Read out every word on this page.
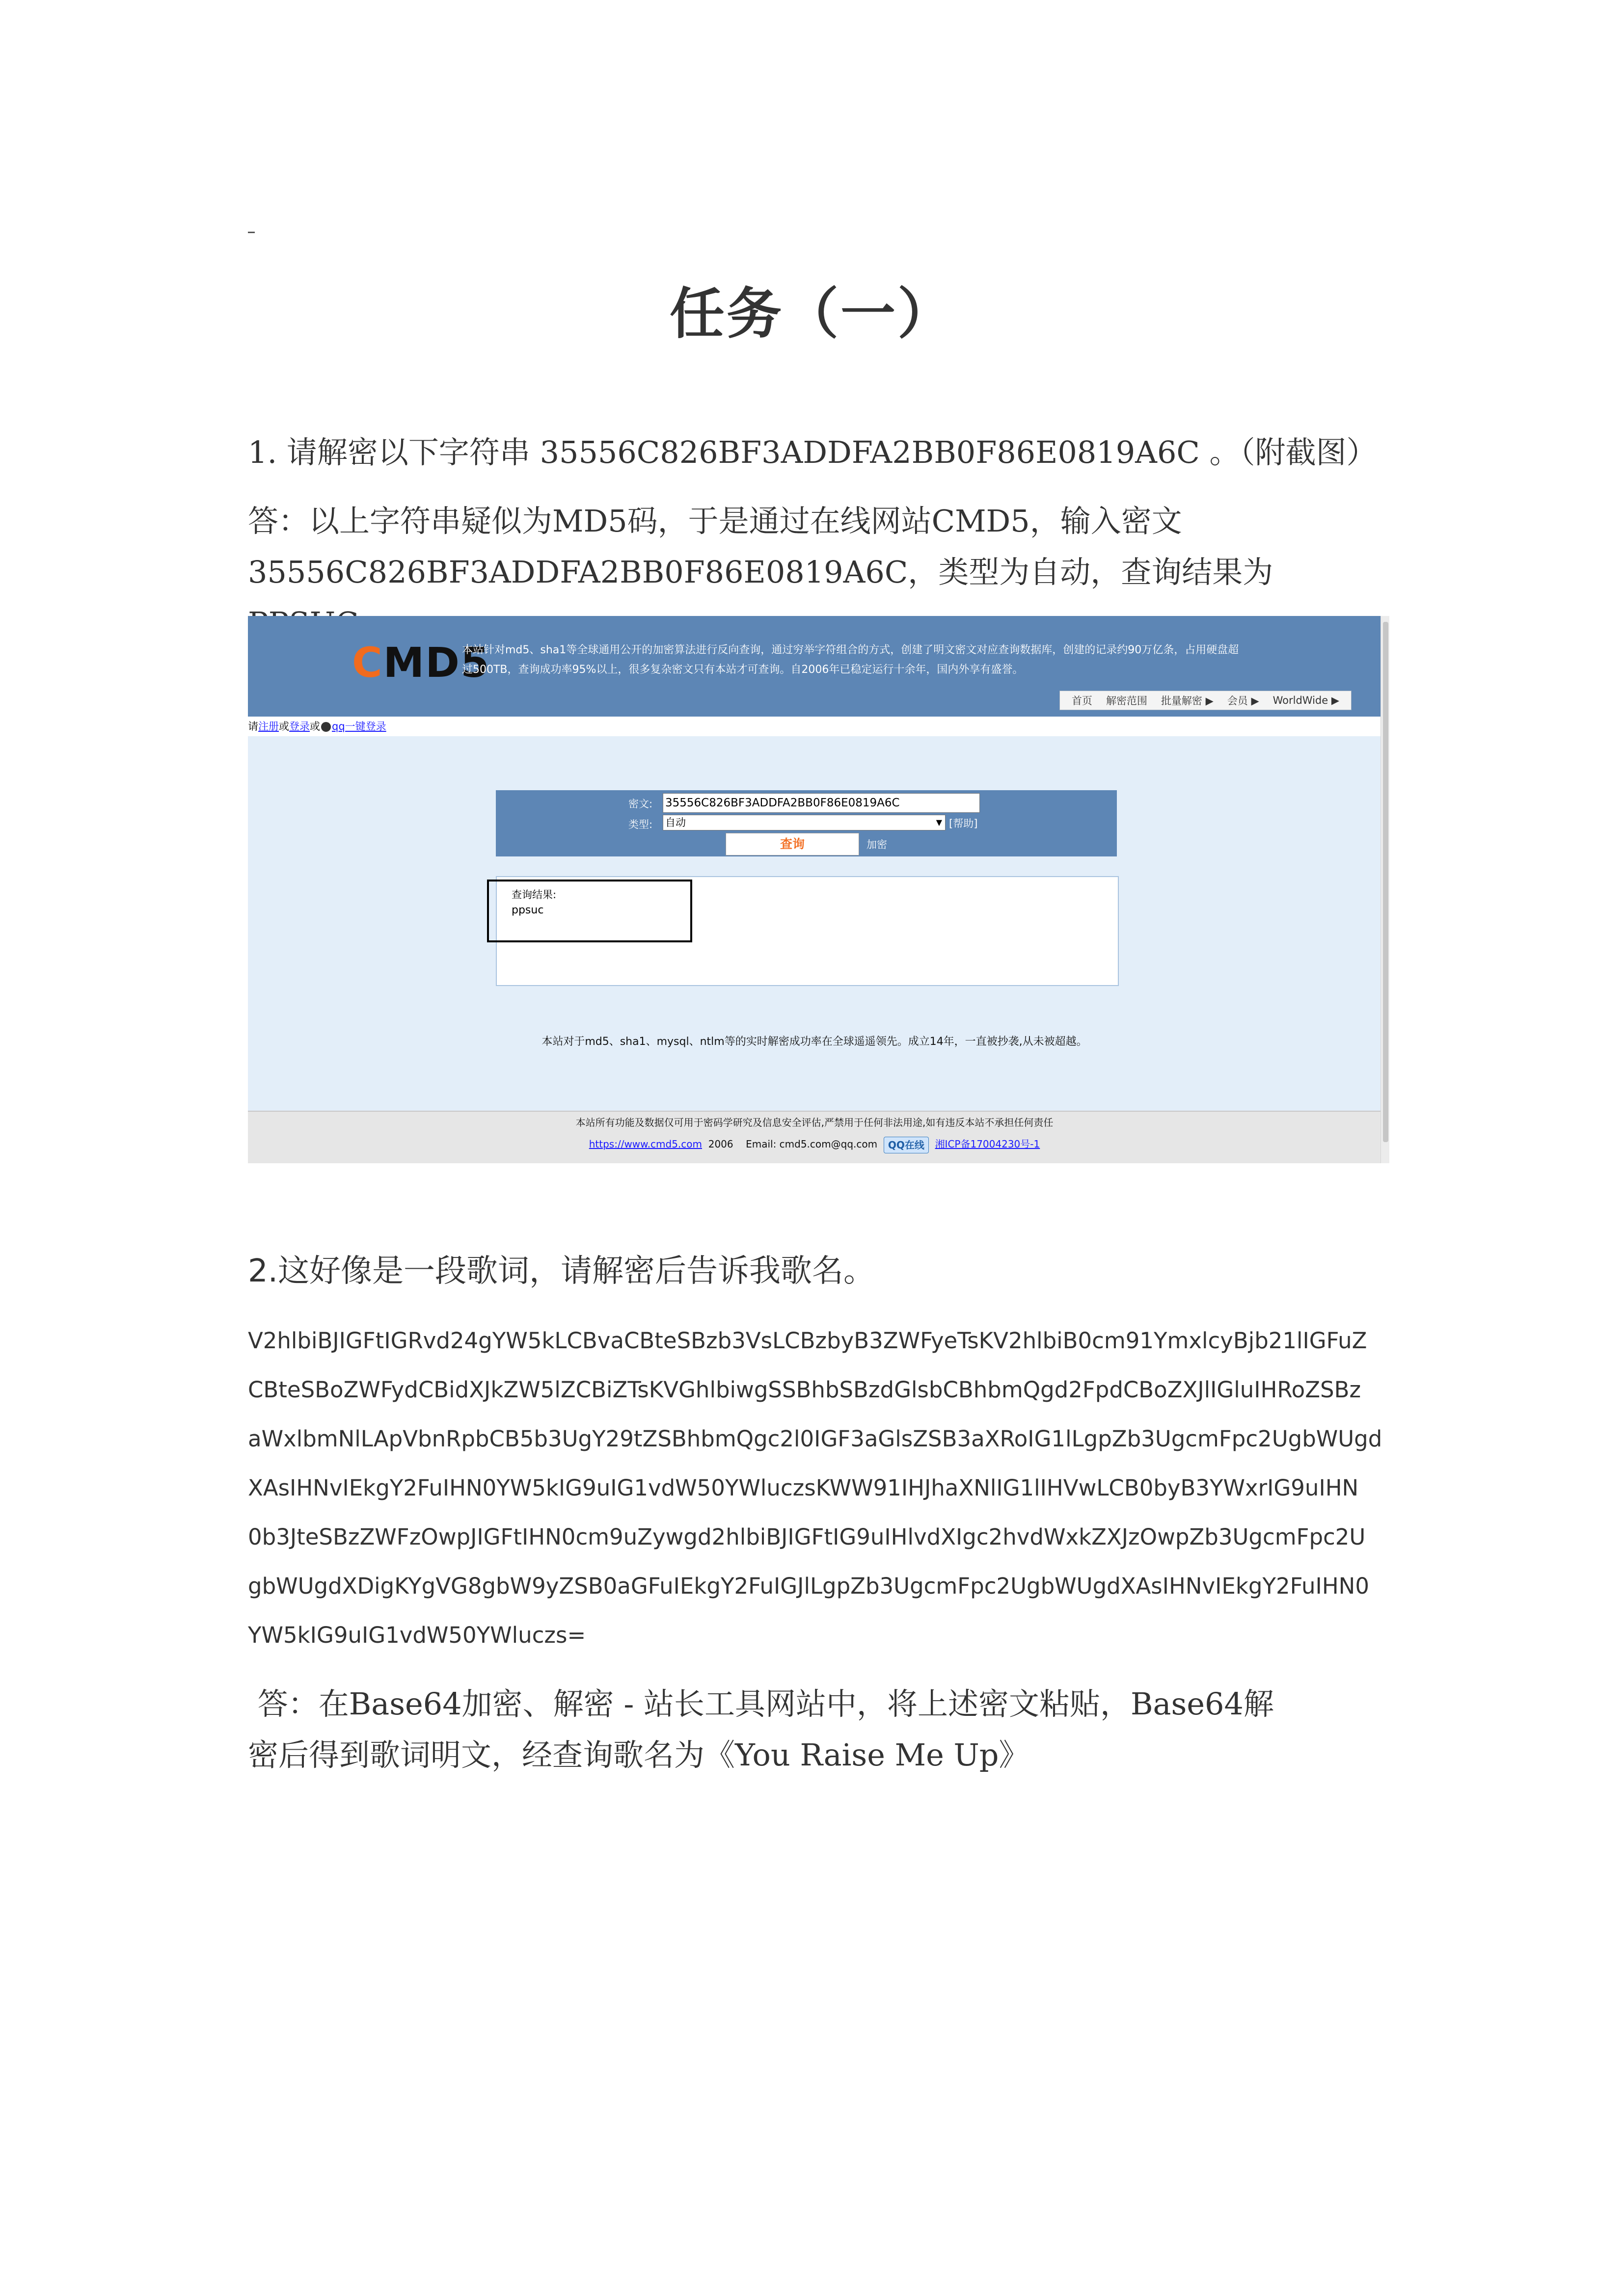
任务（一）
1. 请解密以下字符串 35556C826BF3ADDFA2BB0F86E0819A6C 。（附截图）
答：以上字符串疑似为MD5码，于是通过在线网站CMD5，输入密文
35556C826BF3ADDFA2BB0F86E0819A6C，类型为自动，查询结果为
CMD5
本站针对md5、sha1等全球通用公开的加密算法进行反向查询，通过穷举字符组合的方式，创建了明文密文对应查询数据库，创建的记录约90万亿条，占用硬盘超
过500TB，查询成功率95%以上，很多复杂密文只有本站才可查询。自2006年已稳定运行十余年，国内外享有盛誉。
首页	解密范围	批量解密 ▶	会员 ▶	WorldWide ▶
请注册或登录或 qq一键登录
密文: 35556C826BF3ADDFA2BB0F86E0819A6C
类型: 自动	▼ [帮助]
查询	加密
查询结果:
ppsuc
本站对于md5、sha1、mysql、ntlm等的实时解密成功率在全球遥遥领先。成立14年，一直被抄袭,从未被超越。
本站所有功能及数据仅可用于密码学研究及信息安全评估,严禁用于任何非法用途,如有违反本站不承担任何责任
https://www.cmd5.com 2006 Email: cmd5.com@qq.com QQ在线 湘ICP备17004230号-1
2.这好像是一段歌词，请解密后告诉我歌名。
V2hlbiBJIGFtIGRvd24gYW5kLCBvaCBteSBzb3VsLCBzbyB3ZWFyeTsKV2hlbiB0cm91YmxlcyBjb21lIGFuZ
CBteSBoZWFydCBidXJkZW5lZCBiZTsKVGhlbiwgSSBhbSBzdGlsbCBhbmQgd2FpdCBoZXJlIGluIHRoZSBz
aWxlbmNlLApVbnRpbCB5b3UgY29tZSBhbmQgc2l0IGF3aGlsZSB3aXRoIG1lLgpZb3UgcmFpc2UgbWUgd
XAsIHNvIEkgY2FuIHN0YW5kIG9uIG1vdW50YWluczsKWW91IHJhaXNlIG1lIHVwLCB0byB3YWxrIG9uIHN
0b3JteSBzZWFzOwpJIGFtIHN0cm9uZywgd2hlbiBJIGFtIG9uIHlvdXIgc2hvdWxkZXJzOwpZb3UgcmFpc2U
gbWUgdXDigKYgVG8gbW9yZSB0aGFuIEkgY2FuIGJlLgpZb3UgcmFpc2UgbWUgdXAsIHNvIEkgY2FuIHN0
YW5kIG9uIG1vdW50YWluczs=
答：在Base64加密、解密 - 站长工具网站中，将上述密文粘贴，Base64解
密后得到歌词明文，经查询歌名为《You Raise Me Up》
